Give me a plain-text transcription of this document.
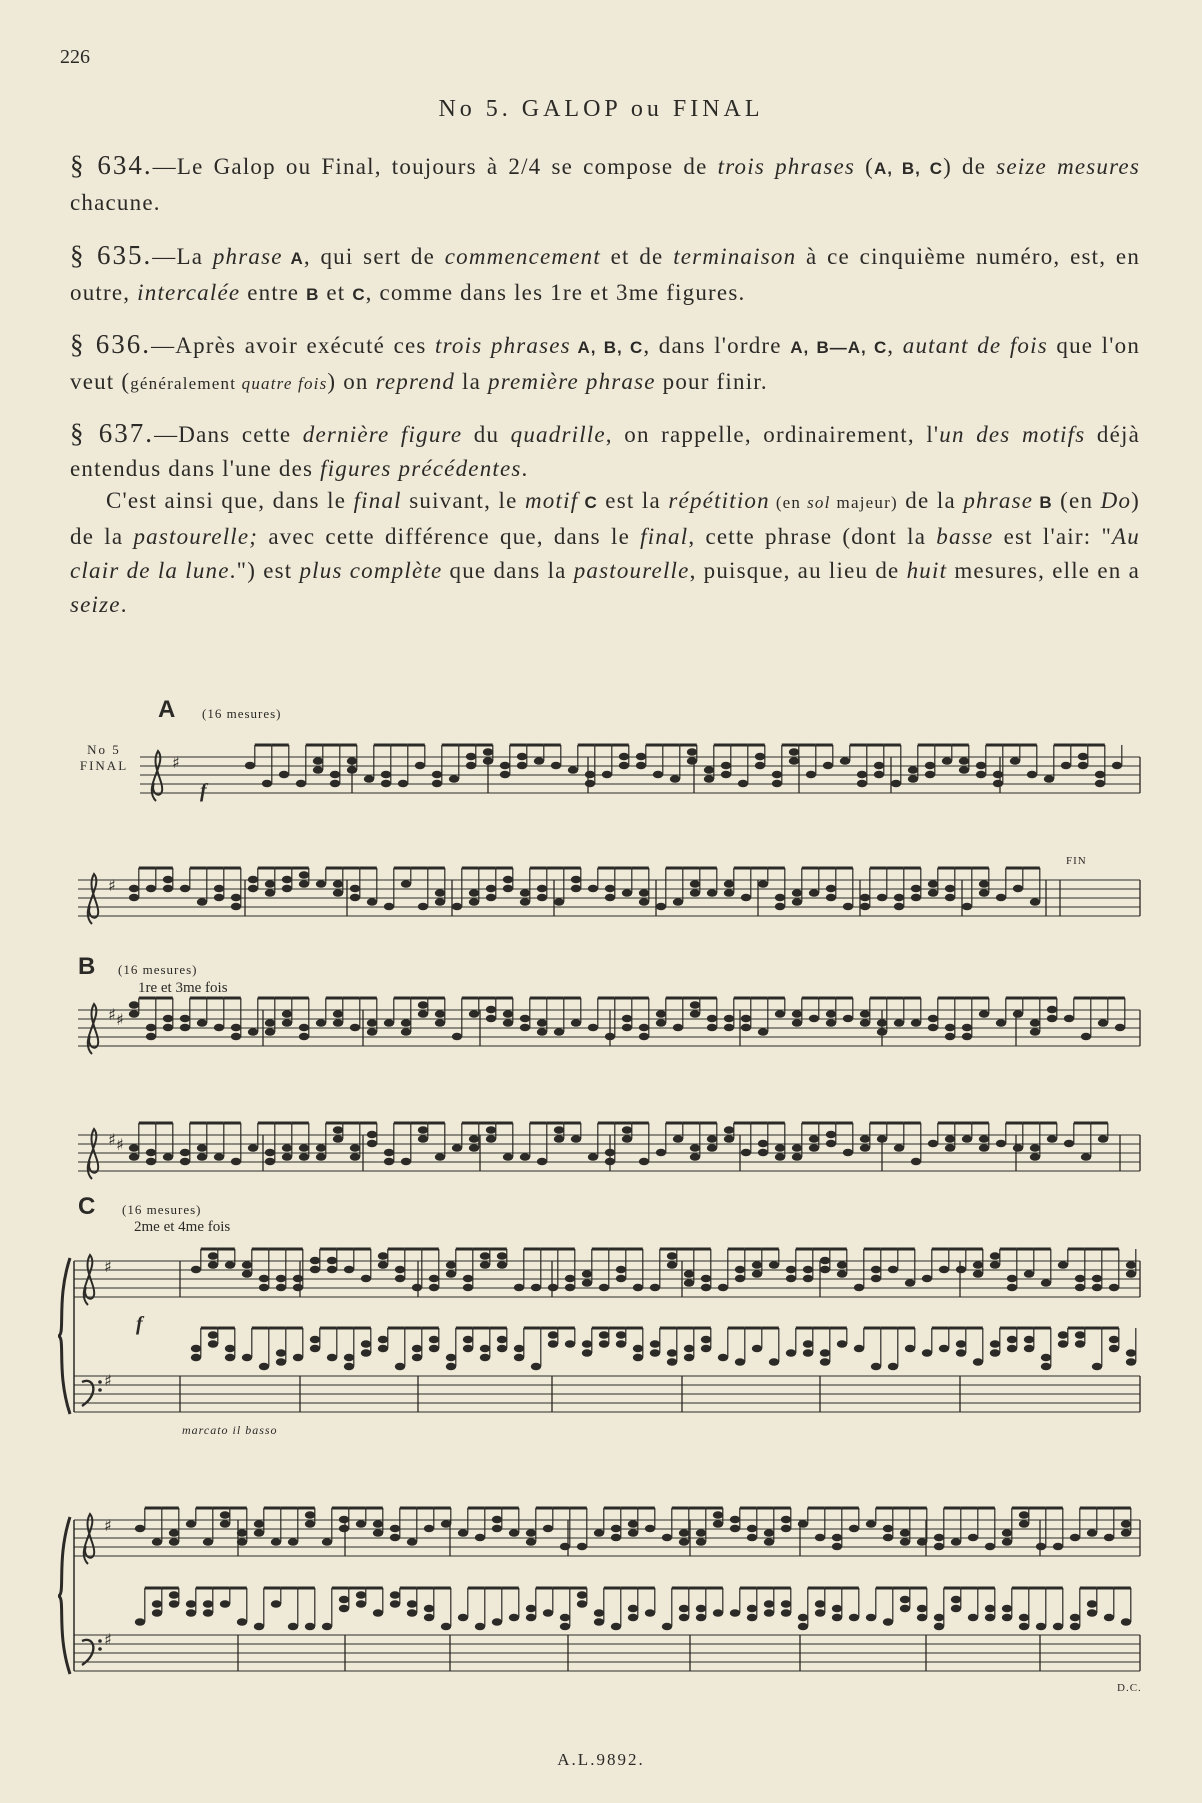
226
No 5. GALOP ou FINAL
§ 634.—Le Galop ou Final, toujours à 2/4 se compose de trois phrases (A, B, C) de seize mesures chacune.
§ 635.—La phrase A, qui sert de commencement et de terminaison à ce cinquième numéro, est, en outre, intercalée entre B et C, comme dans les 1re et 3me figures.
§ 636.—Après avoir exécuté ces trois phrases A, B, C, dans l'ordre A, B—A, C, autant de fois que l'on veut (généralement quatre fois) on reprend la première phrase pour finir.
§ 637.—Dans cette dernière figure du quadrille, on rappelle, ordinairement, l'un des motifs déjà entendus dans l'une des figures précédentes.
C'est ainsi que, dans le final suivant, le motif C est la répétition (en sol majeur) de la phrase B (en Do) de la pastourelle; avec cette différence que, dans le final, cette phrase (dont la basse est l'air: "Au clair de la lune.") est plus complète que dans la pastourelle, puisque, au lieu de huit mesures, elle en a seize.
A (16 mesures)
No 5
FINAL
f
FIN
B (16 mesures)
1re et 3me fois
C (16 mesures)
2me et 4me fois
f
marcato il basso
D.C.
♯
♯
♯ ♯
♯ ♯
♯
♯
♯
♯
A.L.9892.
